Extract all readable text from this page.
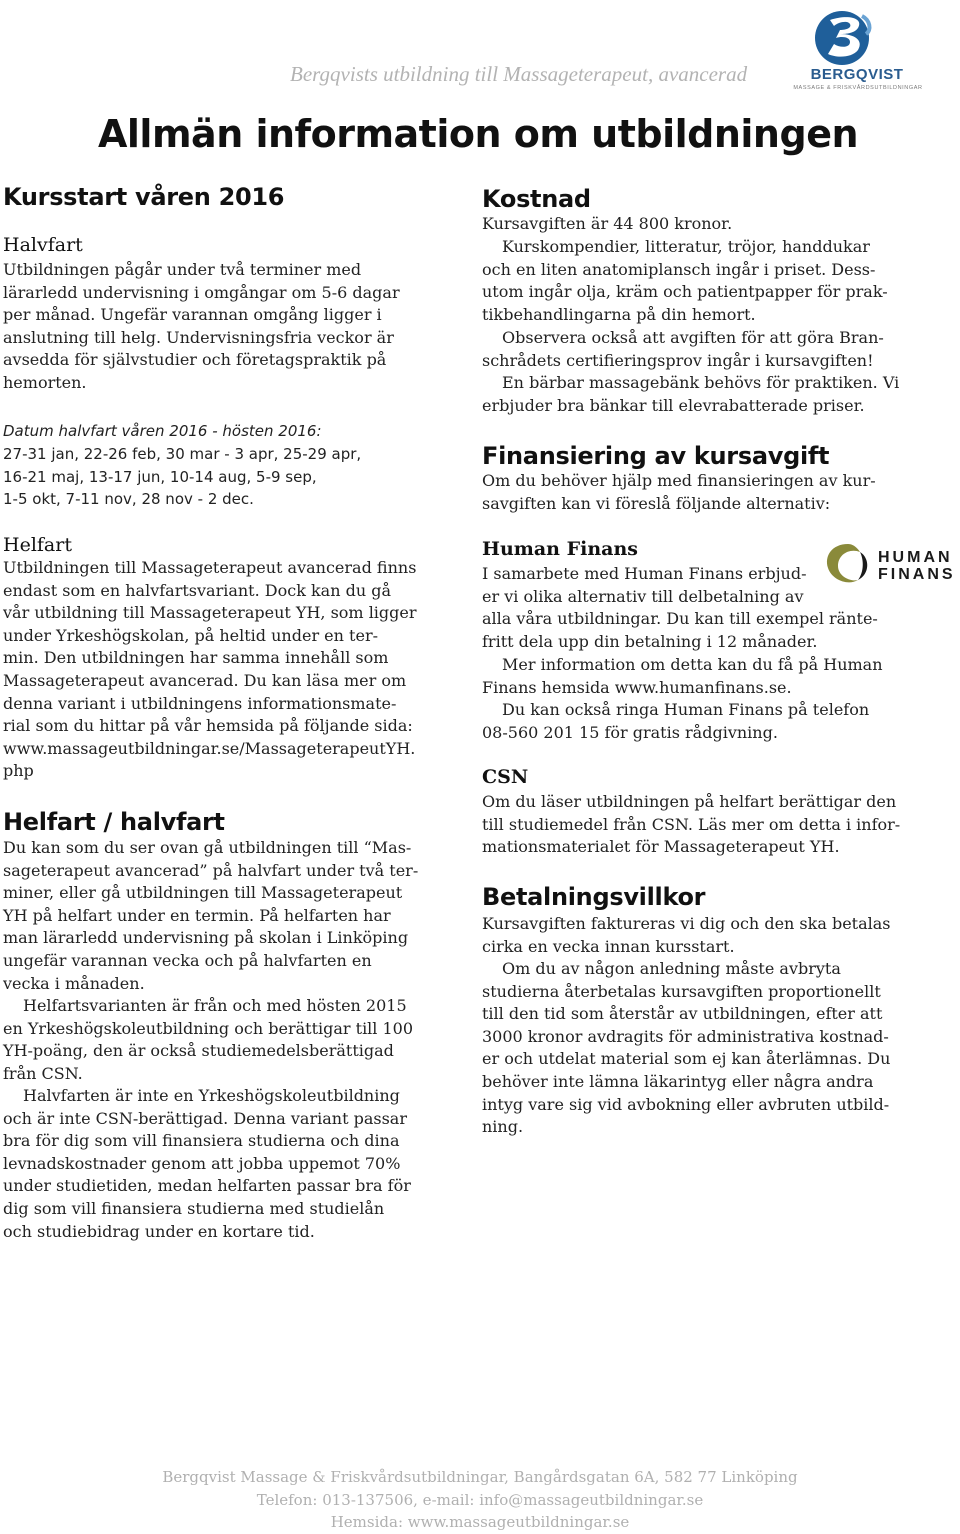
Bergqvists utbildning till Massageterapeut, avancerad	BERGQVIST
MASSAGE & FRISKVÅRDSUTBILDNINGAR
Allmän information om utbildningen
Kursstart våren 2016
Halvfart
Utbildningen pågår under två terminer med
lärarledd undervisning i omgångar om 5-6 dagar
per månad. Ungefär varannan omgång ligger i
anslutning till helg. Undervisningsfria veckor är
avsedda för självstudier och företagspraktik på
hemorten.
Datum halvfart våren 2016 - hösten 2016:
27-31 jan, 22-26 feb, 30 mar - 3 apr, 25-29 apr,
16-21 maj, 13-17 jun, 10-14 aug, 5-9 sep,
1-5 okt, 7-11 nov, 28 nov - 2 dec.
Helfart
Utbildningen till Massageterapeut avancerad finns
endast som en halvfartsvariant. Dock kan du gå
vår utbildning till Massageterapeut YH, som ligger
under Yrkeshögskolan, på heltid under en ter-
min. Den utbildningen har samma innehåll som
Massageterapeut avancerad. Du kan läsa mer om
denna variant i utbildningens informationsmate-
rial som du hittar på vår hemsida på följande sida:
www.massageutbildningar.se/MassageterapeutYH.
php
Helfart / halvfart
Du kan som du ser ovan gå utbildningen till “Mas-
sageterapeut avancerad” på halvfart under två ter-
miner, eller gå utbildningen till Massageterapeut
YH på helfart under en termin. På helfarten har
man lärarledd undervisning på skolan i Linköping
ungefär varannan vecka och på halvfarten en
vecka i månaden.
Helfartsvarianten är från och med hösten 2015
en Yrkeshögskoleutbildning och berättigar till 100
YH-poäng, den är också studiemedelsberättigad
från CSN.
Halvfarten är inte en Yrkeshögskoleutbildning
och är inte CSN-berättigad. Denna variant passar
bra för dig som vill finansiera studierna och dina
levnadskostnader genom att jobba uppemot 70%
under studietiden, medan helfarten passar bra för
dig som vill finansiera studierna med studielån
och studiebidrag under en kortare tid.
Kostnad
Kursavgiften är 44 800 kronor.
Kurskompendier, litteratur, tröjor, handdukar
och en liten anatomiplansch ingår i priset. Dess-
utom ingår olja, kräm och patientpapper för prak-
tikbehandlingarna på din hemort.
Observera också att avgiften för att göra Bran-
schrådets certifieringsprov ingår i kursavgiften!
En bärbar massagebänk behövs för praktiken. Vi
erbjuder bra bänkar till elevrabatterade priser.
Finansiering av kursavgift
Om du behöver hjälp med finansieringen av kur-
savgiften kan vi föreslå följande alternativ:
Human Finans	HUMAN
FINANS
I samarbete med Human Finans erbjud-
er vi olika alternativ till delbetalning av
alla våra utbildningar. Du kan till exempel ränte-
fritt dela upp din betalning i 12 månader.
Mer information om detta kan du få på Human
Finans hemsida www.humanfinans.se.
Du kan också ringa Human Finans på telefon
08-560 201 15 för gratis rådgivning.
CSN
Om du läser utbildningen på helfart berättigar den
till studiemedel från CSN. Läs mer om detta i infor-
mationsmaterialet för Massageterapeut YH.
Betalningsvillkor
Kursavgiften faktureras vi dig och den ska betalas
cirka en vecka innan kursstart.
Om du av någon anledning måste avbryta
studierna återbetalas kursavgiften proportionellt
till den tid som återstår av utbildningen, efter att
3000 kronor avdragits för administrativa kostnad-
er och utdelat material som ej kan återlämnas. Du
behöver inte lämna läkarintyg eller några andra
intyg vare sig vid avbokning eller avbruten utbild-
ning.
Bergqvist Massage & Friskvårdsutbildningar, Bangårdsgatan 6A, 582 77 Linköping
Telefon: 013-137506, e-mail: info@massageutbildningar.se
Hemsida: www.massageutbildningar.se
